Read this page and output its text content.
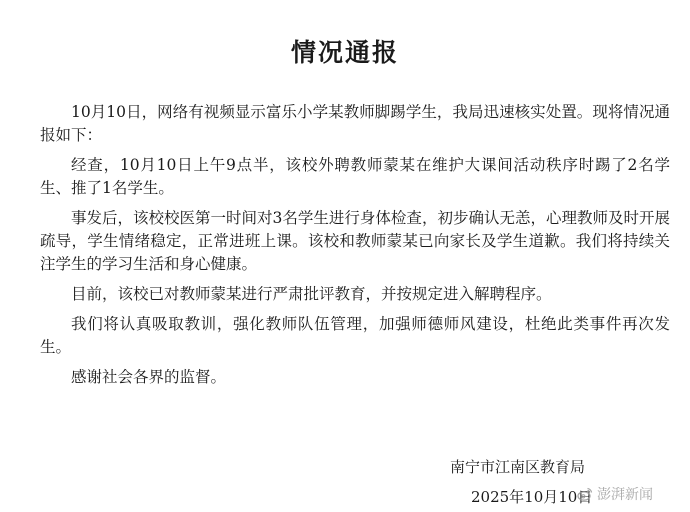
情况通报

10月10日，网络有视频显示富乐小学某教师脚踢学生，我局迅速核实处置。现将情况通报如下：

经查，10月10日上午9点半，该校外聘教师蒙某在维护大课间活动秩序时踢了2名学生、推了1名学生。

事发后，该校校医第一时间对3名学生进行身体检查，初步确认无恙，心理教师及时开展疏导，学生情绪稳定，正常进班上课。该校和教师蒙某已向家长及学生道歉。我们将持续关注学生的学习生活和身心健康。

目前，该校已对教师蒙某进行严肃批评教育，并按规定进入解聘程序。

我们将认真吸取教训，强化教师队伍管理，加强师德师风建设，杜绝此类事件再次发生。

感谢社会各界的监督。

南宁市江南区教育局
2025年10月10日 澎湃新闻
